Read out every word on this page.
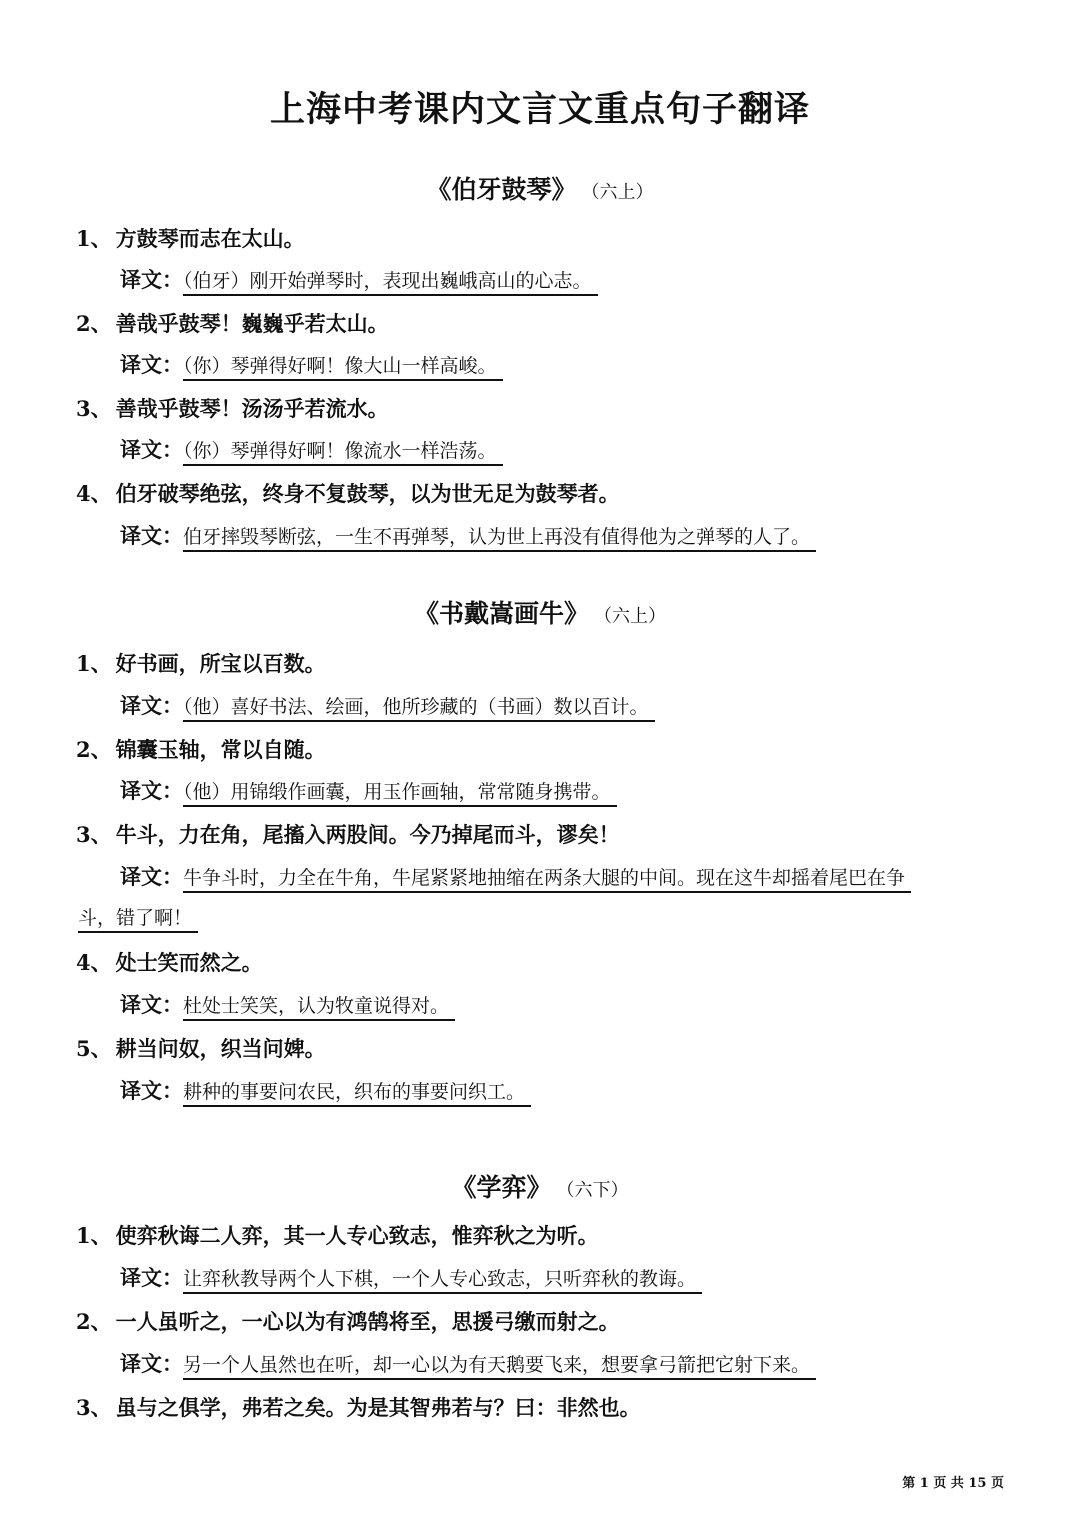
上海中考课内文言文重点句子翻译
《伯牙鼓琴》 （六上）
1、 方鼓琴而志在太山。
译文：（伯牙）刚开始弹琴时，表现出巍峨高山的心志。
2、 善哉乎鼓琴！巍巍乎若太山。
译文：（你）琴弹得好啊！像大山一样高峻。
3、 善哉乎鼓琴！汤汤乎若流水。
译文：（你）琴弹得好啊！像流水一样浩荡。
4、 伯牙破琴绝弦，终身不复鼓琴，以为世无足为鼓琴者。
译文：伯牙摔毁琴断弦，一生不再弹琴，认为世上再没有值得他为之弹琴的人了。
《书戴嵩画牛》 （六上）
1、 好书画，所宝以百数。
译文：（他）喜好书法、绘画，他所珍藏的（书画）数以百计。
2、 锦囊玉轴，常以自随。
译文：（他）用锦缎作画囊，用玉作画轴，常常随身携带。
3、 牛斗，力在角，尾搐入两股间。今乃掉尾而斗，谬矣！
译文：牛争斗时，力全在牛角，牛尾紧紧地抽缩在两条大腿的中间。现在这牛却摇着尾巴在争
斗，错了啊！
4、 处士笑而然之。
译文：杜处士笑笑，认为牧童说得对。
5、 耕当问奴，织当问婢。
译文：耕种的事要问农民，织布的事要问织工。
《学弈》 （六下）
1、 使弈秋诲二人弈，其一人专心致志，惟弈秋之为听。
译文：让弈秋教导两个人下棋，一个人专心致志，只听弈秋的教诲。
2、 一人虽听之，一心以为有鸿鹄将至，思援弓缴而射之。
译文：另一个人虽然也在听，却一心以为有天鹅要飞来，想要拿弓箭把它射下来。
3、 虽与之俱学，弗若之矣。为是其智弗若与？曰：非然也。
第 1 页 共 15 页
